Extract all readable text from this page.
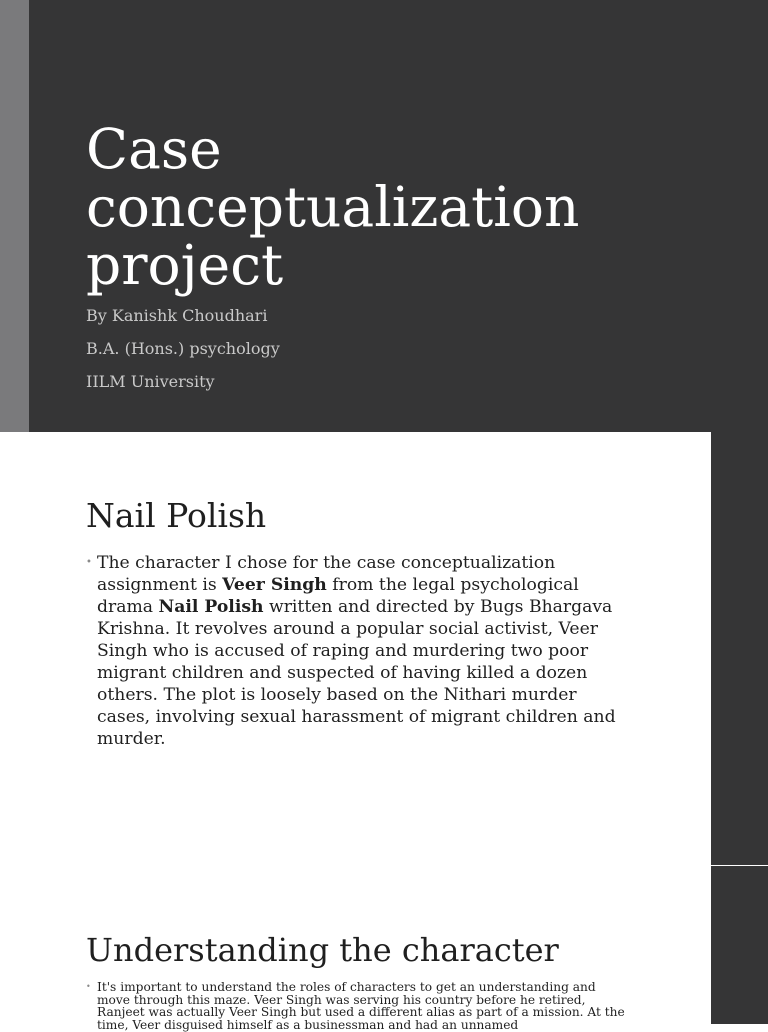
Case conceptualization project

By Kanishk Choudhari

B.A. (Hons.) psychology

IILM University

Nail Polish
• The character I chose for the case conceptualization assignment is Veer Singh from the legal psychological drama Nail Polish written and directed by Bugs Bhargava Krishna. It revolves around a popular social activist, Veer Singh who is accused of raping and murdering two poor migrant children and suspected of having killed a dozen others. The plot is loosely based on the Nithari murder cases, involving sexual harassment of migrant children and murder.
Understanding the character
• It's important to understand the roles of characters to get an understanding and move through this maze. Veer Singh was serving his country before he retired, Ranjeet was actually Veer Singh but used a different alias as part of a mission. At the time, Veer disguised himself as a businessman and had an unnamed
